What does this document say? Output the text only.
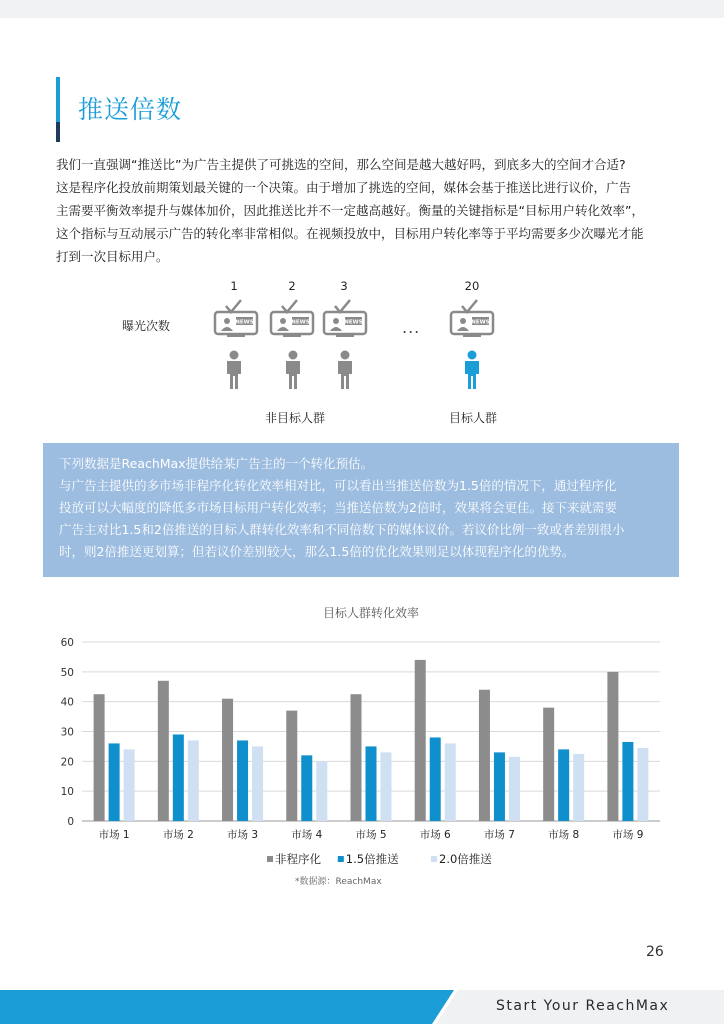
推送倍数

我们一直强调“推送比”为广告主提供了可挑选的空间，那么空间是越大越好吗，到底多大的空间才合适?

这是程序化投放前期策划最关键的一个决策。由于增加了挑选的空间，媒体会基于推送比进行议价，广告

主需要平衡效率提升与媒体加价，因此推送比并不一定越高越好。衡量的关键指标是“目标用户转化效率”，

这个指标与互动展示广告的转化率非常相似。在视频投放中，目标用户转化率等于平均需要多少次曝光才能

打到一次目标用户。

1	2	3	20
曝光次数	...
NEWS	NEWS	NEWS	NEWS
非目标人群	目标人群

下列数据是ReachMax提供给某广告主的一个转化预估。

与广告主提供的多市场非程序化转化效率相对比，可以看出当推送倍数为1.5倍的情况下，通过程序化

投放可以大幅度的降低多市场目标用户转化效率；当推送倍数为2倍时，效果将会更佳。接下来就需要

广告主对比1.5和2倍推送的目标人群转化效率和不同倍数下的媒体议价。若议价比例一致或者差别很小

时，则2倍推送更划算；但若议价差别较大，那么1.5倍的优化效果则足以体现程序化的优势。

目标人群转化效率
0
10
20
30
40
50
60
市场 1	市场 2	市场 3	市场 4	市场 5	市场 6	市场 7	市场 8	市场 9
非程序化 1.5倍推送	2.0倍推送
*数据源：ReachMax
26
Start Your ReachMax
